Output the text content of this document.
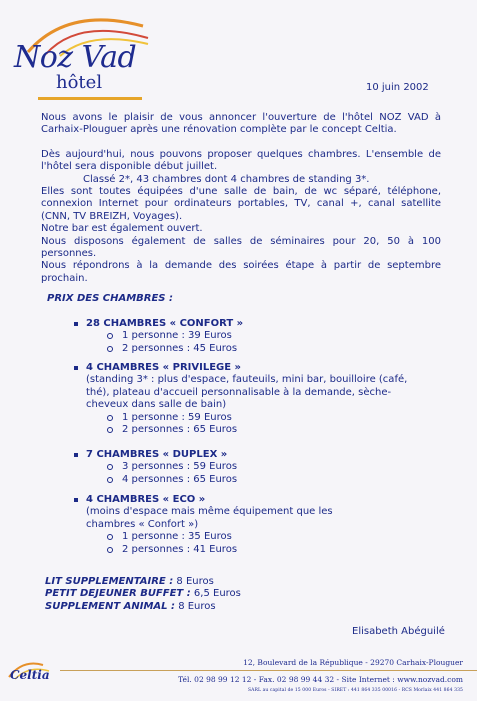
Noz Vad
hôtel	10 juin 2002

Nous avons le plaisir de vous annoncer l'ouverture de l'hôtel NOZ VAD à Carhaix-Plouguer après une rénovation complète par le concept Celtia.

Dès aujourd'hui, nous pouvons proposer quelques chambres. L'ensemble de l'hôtel sera disponible début juillet.

Classé 2*, 43 chambres dont 4 chambres de standing 3*.

Elles sont toutes équipées d'une salle de bain, de wc séparé, téléphone, connexion Internet pour ordinateurs portables, TV, canal +, canal satellite (CNN, TV BREIZH, Voyages).

Notre bar est également ouvert.

Nous disposons également de salles de séminaires pour 20, 50 à 100 personnes.

Nous répondrons à la demande des soirées étape à partir de septembre prochain.

PRIX DES CHAMBRES :
28 CHAMBRES « CONFORT »
1 personne : 39 Euros
2 personnes : 45 Euros
4 CHAMBRES « PRIVILEGE »
(standing 3* : plus d'espace, fauteuils, mini bar, bouilloire (café, thé), plateau d'accueil personnalisable à la demande, sèche-cheveux dans salle de bain)
1 personne : 59 Euros
2 personnes : 65 Euros
7 CHAMBRES « DUPLEX »
3 personnes : 59 Euros
4 personnes : 65 Euros
4 CHAMBRES « ECO »
(moins d'espace mais même équipement que les chambres « Confort »)
1 personne : 35 Euros
2 personnes : 41 Euros
LIT SUPPLEMENTAIRE : 8 Euros
PETIT DEJEUNER BUFFET : 6,5 Euros
SUPPLEMENT ANIMAL : 8 Euros
Elisabeth Abéguilé
Celtia
12, Boulevard de la République - 29270 Carhaix-Plouguer
Tél. 02 98 99 12 12 - Fax. 02 98 99 44 32 - Site Internet : www.nozvad.com
SARL au capital de 15 000 Euros - SIRET : 441 864 335 00016 - RCS Morlaix 441 864 335
